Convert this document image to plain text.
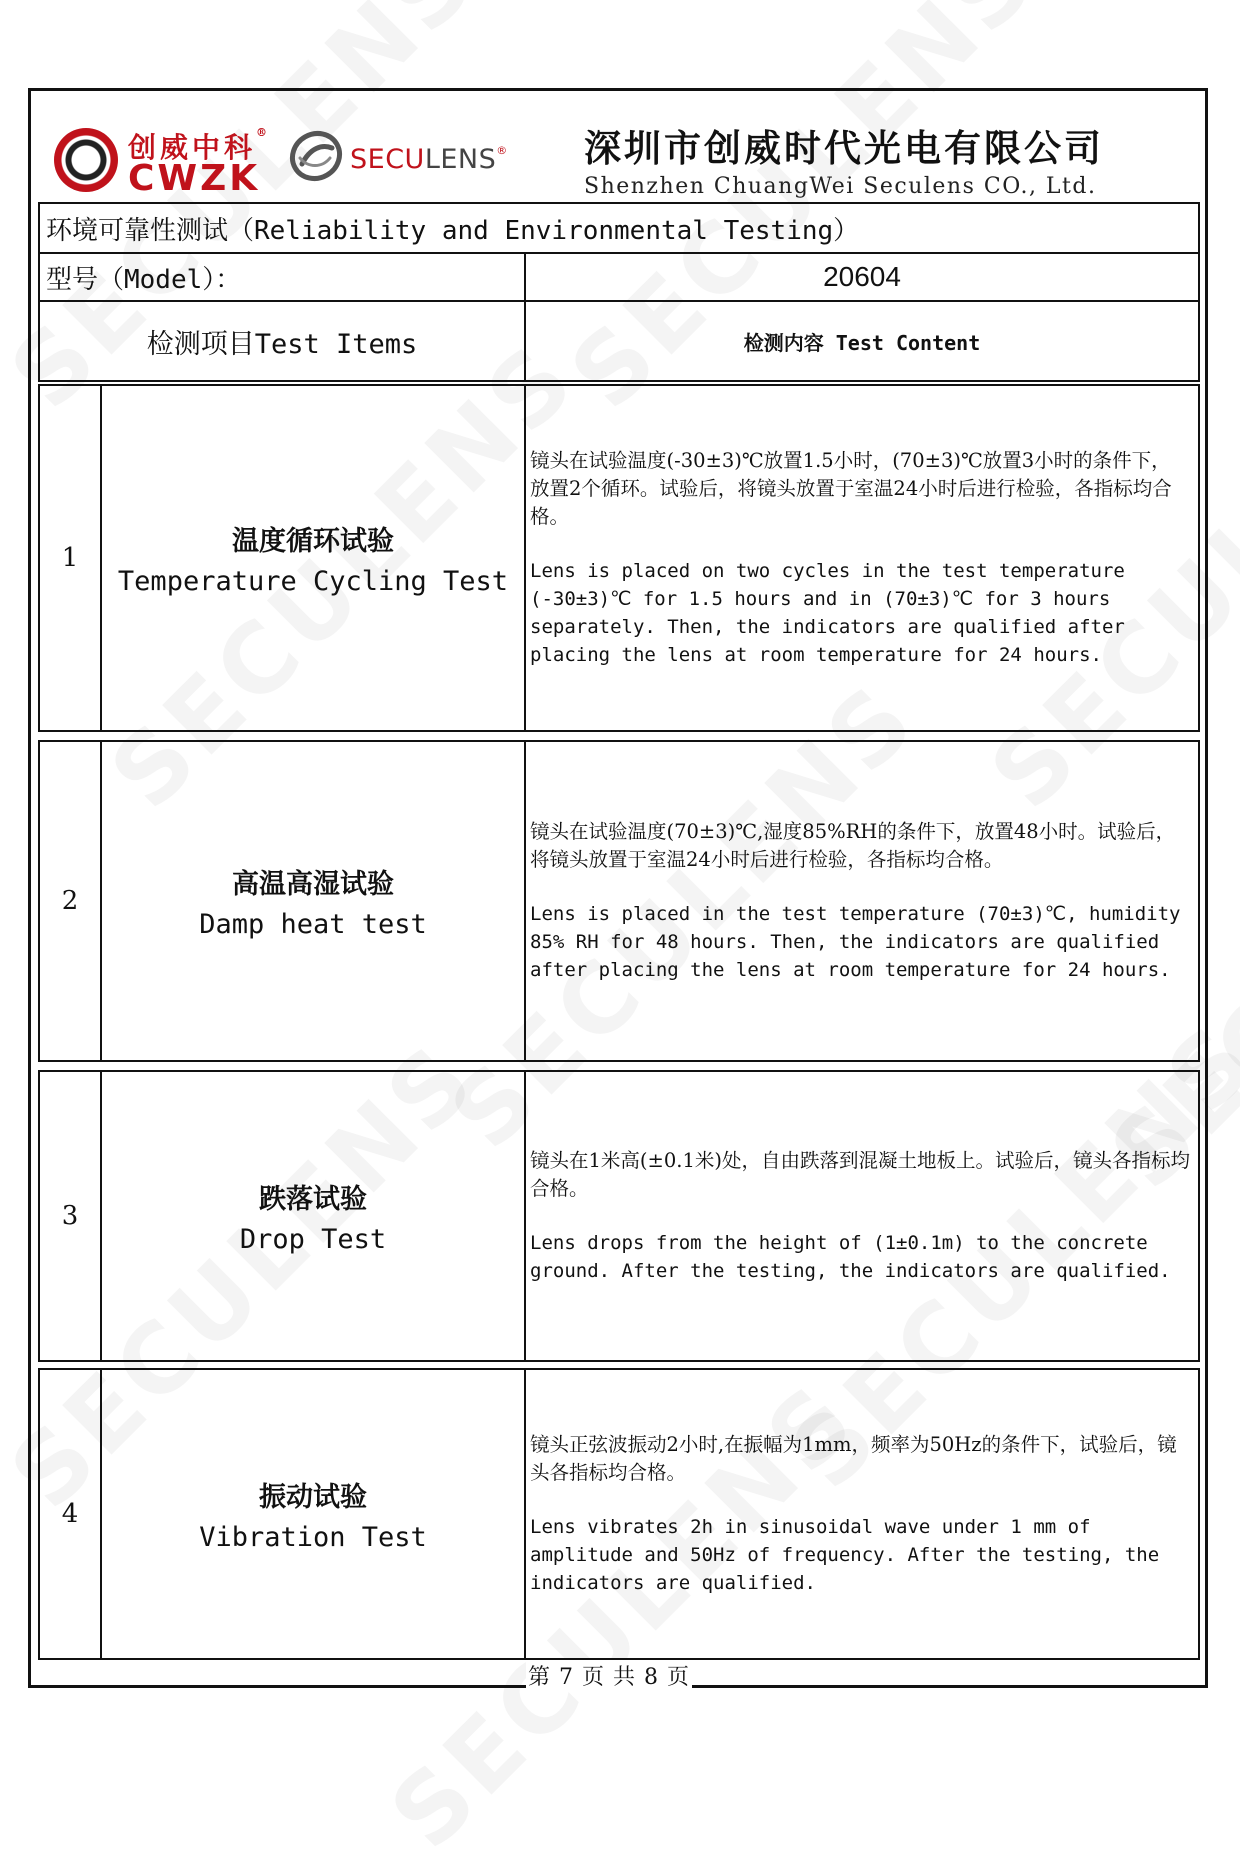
创威中科®
CWZK	SECULENS® 深圳市创威时代光电有限公司
Shenzhen ChuangWei Seculens CO., Ltd.
环境可靠性测试（Reliability and Environmental Testing）	
型号（Model）：	20604
检测项目Test Items	检测内容 Test Content
1	
温度循环试验
Temperature Cycling Test

镜头在试验温度(-30±3)℃放置1.5小时，(70±3)℃放置3小时的条件下，放置2个循环。试验后，将镜头放置于室温24小时后进行检验，各指标均合格。
Lens is placed on two cycles in the test temperature (-30±3)℃ for 1.5 hours and in (70±3)℃ for 3 hours separately. Then, the indicators are qualified after placing the lens at room temperature for 24 hours.
2	
高温高湿试验
Damp heat test

镜头在试验温度(70±3)℃,湿度85%RH的条件下，放置48小时。试验后，将镜头放置于室温24小时后进行检验，各指标均合格。
Lens is placed in the test temperature (70±3)℃, humidity 85% RH for 48 hours. Then, the indicators are qualified after placing the lens at room temperature for 24 hours.
3	
跌落试验
Drop Test

镜头在1米高(±0.1米)处，自由跌落到混凝土地板上。试验后，镜头各指标均合格。
Lens drops from the height of (1±0.1m) to the concrete ground. After the testing, the indicators are qualified.
4	
振动试验
Vibration Test

镜头正弦波振动2小时,在振幅为1mm，频率为50Hz的条件下，试验后，镜头各指标均合格。
Lens vibrates 2h in sinusoidal wave under 1 mm of amplitude and 50Hz of frequency. After the testing, the indicators are qualified.
第 7 页 共 8 页
